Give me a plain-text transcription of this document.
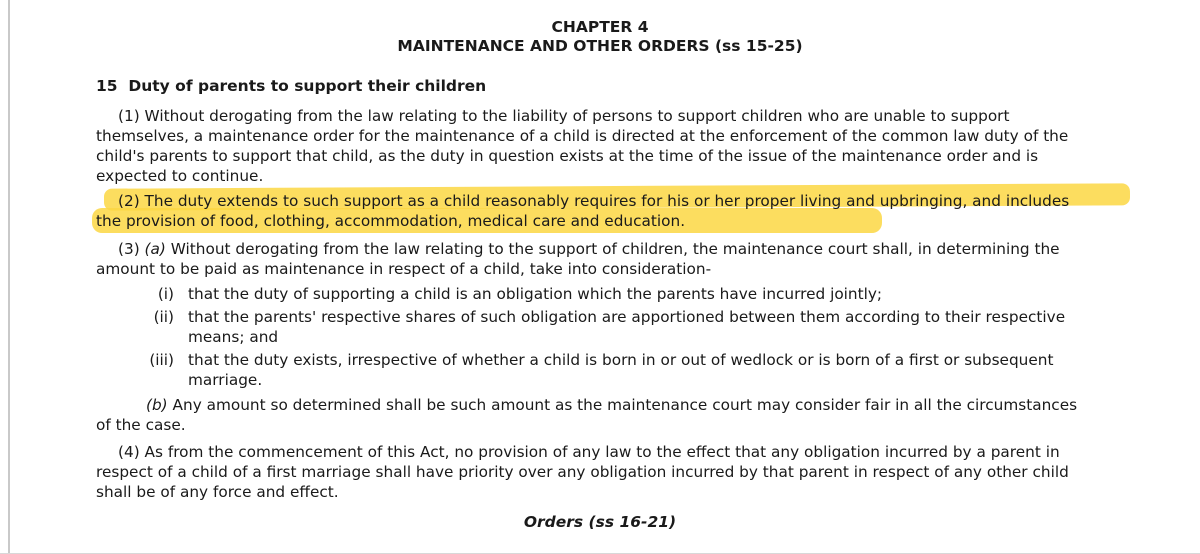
CHAPTER 4
MAINTENANCE AND OTHER ORDERS (ss 15-25)
15 Duty of parents to support their children
(1) Without derogating from the law relating to the liability of persons to support children who are unable to support
themselves, a maintenance order for the maintenance of a child is directed at the enforcement of the common law duty of the
child's parents to support that child, as the duty in question exists at the time of the issue of the maintenance order and is
expected to continue.
(2) The duty extends to such support as a child reasonably requires for his or her proper living and upbringing, and includes
the provision of food, clothing, accommodation, medical care and education.
(3) (a) Without derogating from the law relating to the support of children, the maintenance court shall, in determining the
amount to be paid as maintenance in respect of a child, take into consideration-
(i) that the duty of supporting a child is an obligation which the parents have incurred jointly;
(ii) that the parents' respective shares of such obligation are apportioned between them according to their respective
means; and
(iii) that the duty exists, irrespective of whether a child is born in or out of wedlock or is born of a first or subsequent
marriage.
(b) Any amount so determined shall be such amount as the maintenance court may consider fair in all the circumstances
of the case.
(4) As from the commencement of this Act, no provision of any law to the effect that any obligation incurred by a parent in
respect of a child of a first marriage shall have priority over any obligation incurred by that parent in respect of any other child
shall be of any force and effect.
Orders (ss 16-21)
